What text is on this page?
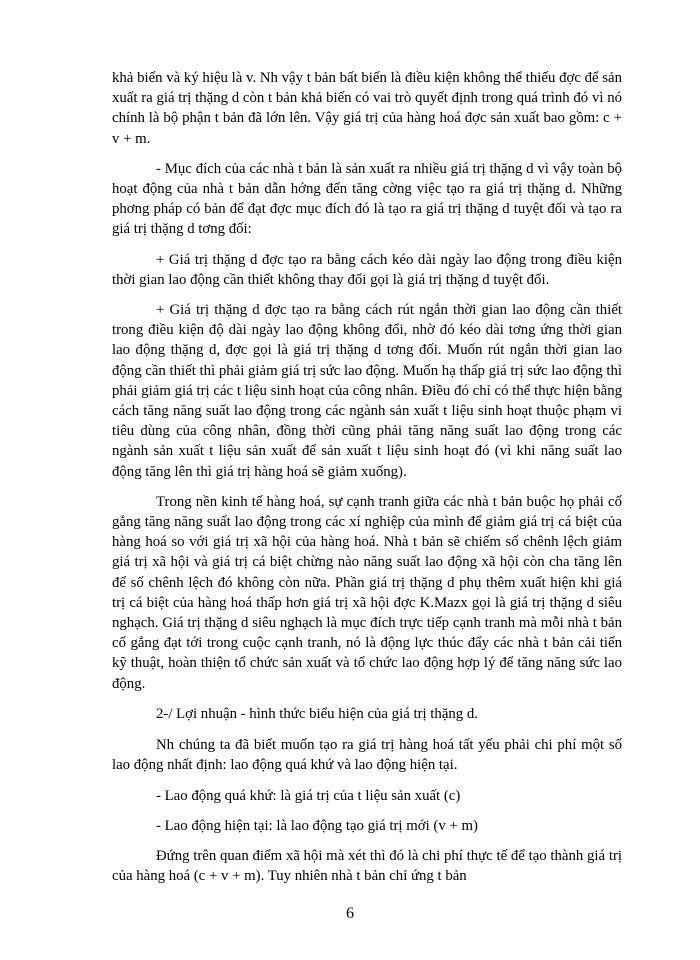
khả biến và ký hiệu là v. Nh vậy t bản bất biến là điều kiện không thể thiếu đợc để sản xuất ra giá trị thặng d còn t bản khả biến có vai trò quyết định trong quá trình đó vì nó chính là bộ phận t bản đã lớn lên. Vậy giá trị của hàng hoá đợc sản xuất bao gồm: c + v + m.

- Mục đích của các nhà t bản là sản xuất ra nhiều giá trị thặng d vì vậy toàn bộ hoạt động của nhà t bản dẫn hớng đến tăng cờng việc tạo ra giá trị thặng d. Những phơng pháp có bản để đạt đợc mục đích đó là tạo ra giá trị thặng d tuyệt đối và tạo ra giá trị thặng d tơng đối:

+ Giá trị thặng d đợc tạo ra bằng cách kéo dài ngày lao động trong điều kiện thời gian lao động cần thiết không thay đổi gọi là giá trị thặng d tuyệt đối.

+ Giá trị thặng d đợc tạo ra bằng cách rút ngắn thời gian lao động cần thiết trong điều kiện độ dài ngày lao động không đổi, nhờ đó kéo dài tơng ứng thời gian lao động thặng d, đợc gọi là giá trị thặng d tơng đối. Muốn rút ngắn thời gian lao động cần thiết thì phải giảm giá trị sức lao động. Muốn hạ thấp giá trị sức lao động thì phải giảm giá trị các t liệu sinh hoạt của công nhân. Điều đó chỉ có thể thực hiện bằng cách tăng năng suất lao động trong các ngành sản xuất t liệu sinh hoạt thuộc phạm vi tiêu dùng của công nhân, đồng thời cũng phải tăng năng suất lao động trong các ngành sản xuất t liệu sản xuất để sản xuất t liệu sinh hoạt đó (vì khi năng suất lao động tăng lên thì giá trị hàng hoá sẽ giảm xuống).

Trong nền kinh tế hàng hoá, sự cạnh tranh giữa các nhà t bản buộc họ phải cố gắng tăng năng suất lao động trong các xí nghiệp của mình để giảm giá trị cá biệt của hàng hoá so với giá trị xã hội của hàng hoá. Nhà t bản sẽ chiếm số chênh lệch giảm giá trị xã hội và giá trị cá biệt chừng nào năng suất lao động xã hội còn cha tăng lên để số chênh lệch đó không còn nữa. Phần giá trị thặng d phụ thêm xuất hiện khi giá trị cá biệt của hàng hoá thấp hơn giá trị xã hội đợc K.Mazx gọi là giá trị thặng d siêu nghạch. Giá trị thặng d siêu nghạch là mục đích trực tiếp cạnh tranh mà mỗi nhà t bản cố gắng đạt tới trong cuộc cạnh tranh, nó là động lực thúc đẩy các nhà t bản cải tiến kỹ thuật, hoàn thiện tổ chức sản xuất và tổ chức lao động hợp lý để tăng năng sức lao động.

2-/ Lợi nhuận - hình thức biểu hiện của giá trị thặng d.

Nh chúng ta đã biết muốn tạo ra giá trị hàng hoá tất yếu phải chi phí một số lao động nhất định: lao động quá khứ và lao động hiện tại.

- Lao động quá khứ: là giá trị của t liệu sản xuất (c)

- Lao động hiện tại: là lao động tạo giá trị mới (v + m)

Đứng trên quan điểm xã hội mà xét thì đó là chi phí thực tế để tạo thành giá trị của hàng hoá (c + v + m). Tuy nhiên nhà t bản chỉ ứng t bản

6
